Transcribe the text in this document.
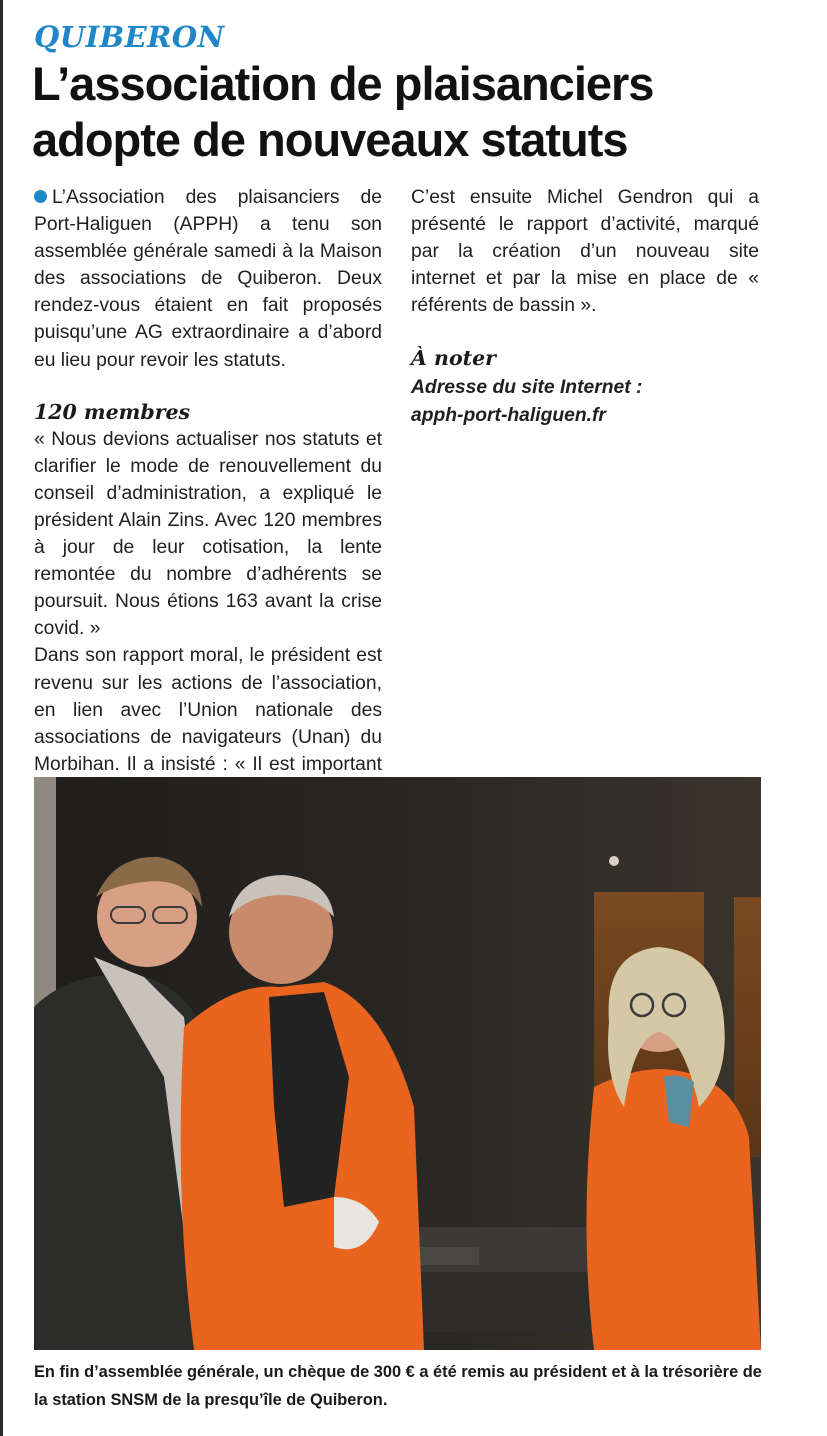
QUIBERON
L’association de plaisanciers adopte de nouveaux statuts

L’Association des plaisanciers de Port-Haliguen (APPH) a tenu son assemblée générale samedi à la Maison des associations de Quiberon. Deux rendez-vous étaient en fait proposés puisqu’une AG extraordinaire a d’abord eu lieu pour revoir les statuts.

120 membres

« Nous devions actualiser nos statuts et clarifier le mode de renouvellement du conseil d’administration, a expliqué le président Alain Zins. Avec 120 membres à jour de leur cotisation, la lente remontée du nombre d’adhérents se poursuit. Nous étions 163 avant la crise covid. »

Dans son rapport moral, le président est revenu sur les actions de l’association, en lien avec l’Union nationale des associations de navigateurs (Unan) du Morbihan. Il a insisté : « Il est important

C’est ensuite Michel Gendron qui a présenté le rapport d’activité, marqué par la création d’un nouveau site internet et par la mise en place de « référents de bassin ».

À noter

Adresse du site Internet :

apph-port-haliguen.fr

En fin d’assemblée générale, un chèque de 300 € a été remis au président et à la trésorière de la station SNSM de la presqu’île de Quiberon.
